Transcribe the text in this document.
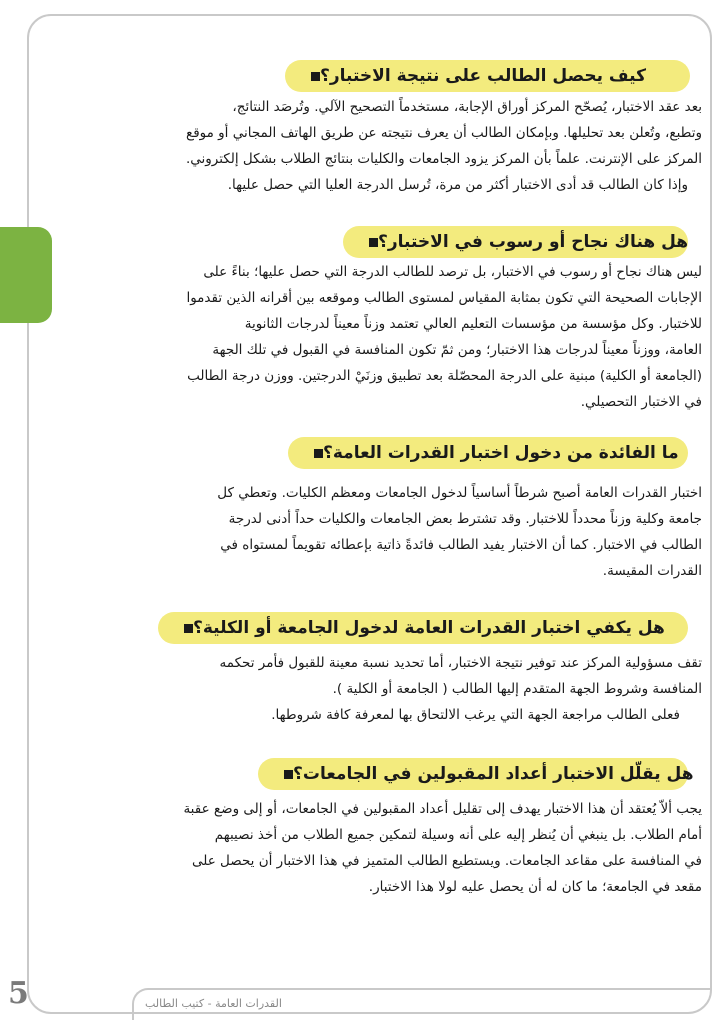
كيف يحصل الطالب على نتيجة الاختبار؟
بعد عقد الاختبار، يُصحّح المركز أوراق الإجابة، مستخدماً التصحيح الآلي. وتُرصَد النتائج،
وتطبع، وتُعلن بعد تحليلها. وبإمكان الطالب أن يعرف نتيجته عن طريق الهاتف المجاني أو موقع
المركز على الإنترنت. علماً بأن المركز يزود الجامعات والكليات بنتائج الطلاب بشكل إلكتروني.
وإذا كان الطالب قد أدى الاختبار أكثر من مرة، تُرسل الدرجة العليا التي حصل عليها.
هل هناك نجاح أو رسوب في الاختبار؟
ليس هناك نجاح أو رسوب في الاختبار، بل ترصد للطالب الدرجة التي حصل عليها؛ بناءً على
الإجابات الصحيحة التي تكون بمثابة المقياس لمستوى الطالب وموقعه بين أقرانه الذين تقدموا
للاختبار. وكل مؤسسة من مؤسسات التعليم العالي تعتمد وزناً معيناً لدرجات الثانوية
العامة، ووزناً معيناً لدرجات هذا الاختبار؛ ومن ثمّ تكون المنافسة في القبول في تلك الجهة
(الجامعة أو الكلية) مبنية على الدرجة المحصّلة بعد تطبيق وزنَيْ الدرجتين. ووزن درجة الطالب
في الاختبار التحصيلي.
ما الفائدة من دخول اختبار القدرات العامة؟
اختبار القدرات العامة أصبح شرطاً أساسياً لدخول الجامعات ومعظم الكليات. وتعطي كل
جامعة وكلية وزناً محدداً للاختبار. وقد تشترط بعض الجامعات والكليات حداً أدنى لدرجة
الطالب في الاختبار. كما أن الاختبار يفيد الطالب فائدةً ذاتية بإعطائه تقويماً لمستواه في
القدرات المقيسة.
هل يكفي اختبار القدرات العامة لدخول الجامعة أو الكلية؟
تقف مسؤولية المركز عند توفير نتيجة الاختبار، أما تحديد نسبة معينة للقبول فأمر تحكمه
المنافسة وشروط الجهة المتقدم إليها الطالب ( الجامعة أو الكلية ).
فعلى الطالب مراجعة الجهة التي يرغب الالتحاق بها لمعرفة كافة شروطها.
هل يقلّل الاختبار أعداد المقبولين في الجامعات؟
يجب ألاّ يُعتقد أن هذا الاختبار يهدف إلى تقليل أعداد المقبولين في الجامعات، أو إلى وضع عقبة
أمام الطلاب. بل ينبغي أن يُنظر إليه على أنه وسيلة لتمكين جميع الطلاب من أخذ نصيبهم
في المنافسة على مقاعد الجامعات. ويستطيع الطالب المتميز في هذا الاختبار أن يحصل على
مقعد في الجامعة؛ ما كان له أن يحصل عليه لولا هذا الاختبار.
5	القدرات العامة - كتيب الطالب
